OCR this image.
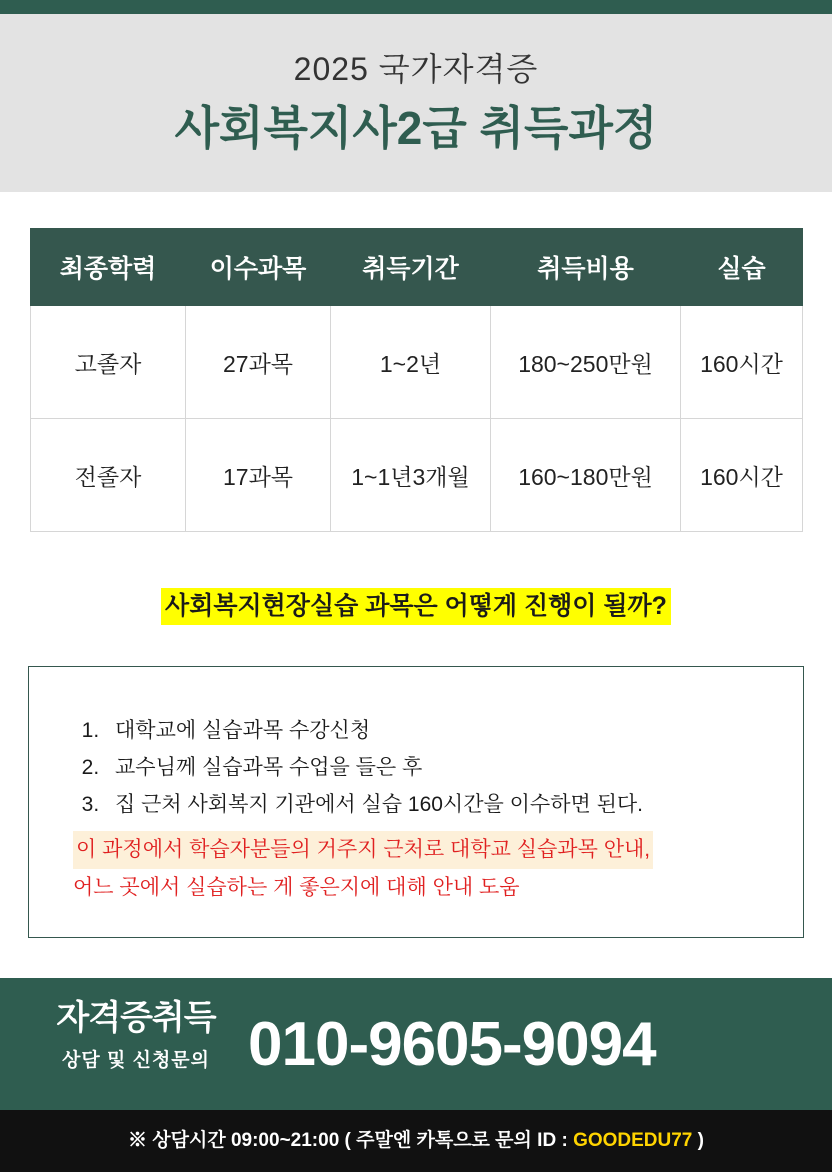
2025 국가자격증
사회복지사2급 취득과정
최종학력	이수과목	취득기간	취득비용	실습
고졸자	27과목	1~2년	180~250만원	160시간
전졸자	17과목	1~1년3개월	160~180만원	160시간
사회복지현장실습 과목은 어떻게 진행이 될까?
1. 대학교에 실습과목 수강신청
2. 교수님께 실습과목 수업을 들은 후
3. 집 근처 사회복지 기관에서 실습 160시간을 이수하면 된다.
이 과정에서 학습자분들의 거주지 근처로 대학교 실습과목 안내,
어느 곳에서 실습하는 게 좋은지에 대해 안내 도움
자격증취득
상담 및 신청문의 010-9605-9094
※ 상담시간 09:00~21:00 ( 주말엔 카톡으로 문의 ID : GOODEDU77 )
